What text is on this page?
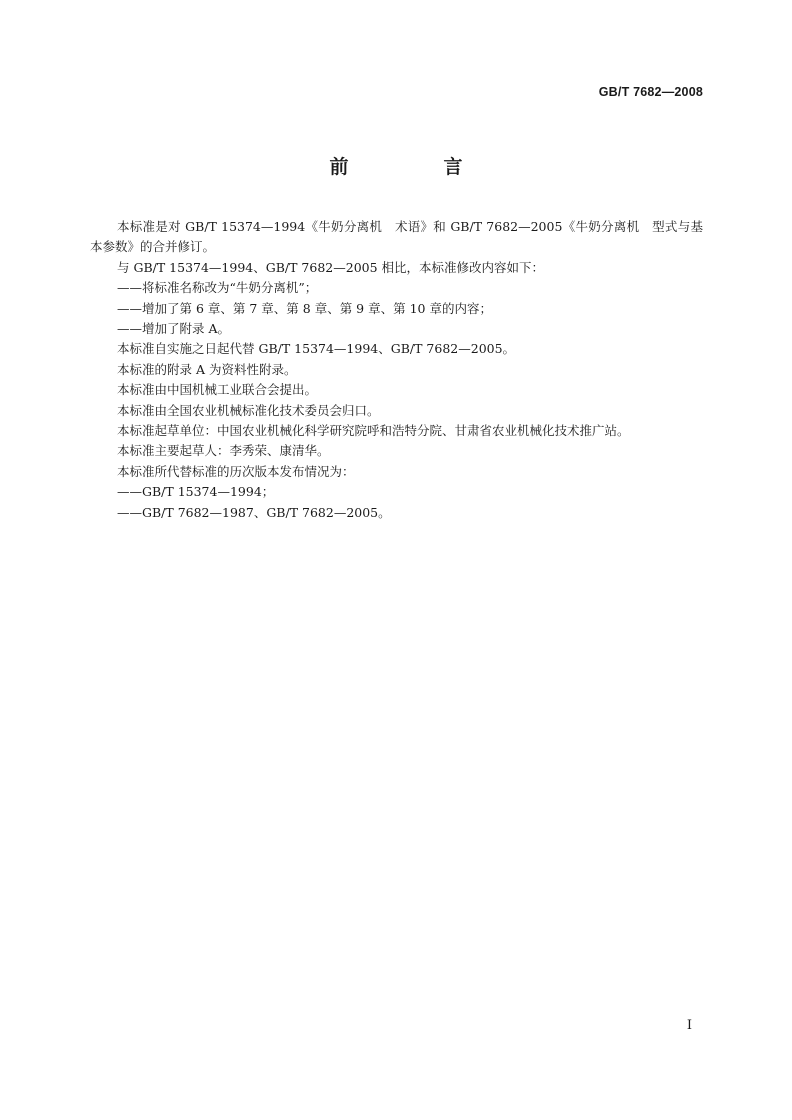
GB/T 7682—2008
前　言

本标准是对 GB/T 15374—1994《牛奶分离机　术语》和 GB/T 7682—2005《牛奶分离机　型式与基本参数》的合并修订。

与 GB/T 15374—1994、GB/T 7682—2005 相比，本标准修改内容如下：

——将标准名称改为“牛奶分离机”；

——增加了第 6 章、第 7 章、第 8 章、第 9 章、第 10 章的内容；

——增加了附录 A。

本标准自实施之日起代替 GB/T 15374—1994、GB/T 7682—2005。

本标准的附录 A 为资料性附录。

本标准由中国机械工业联合会提出。

本标准由全国农业机械标准化技术委员会归口。

本标准起草单位：中国农业机械化科学研究院呼和浩特分院、甘肃省农业机械化技术推广站。

本标准主要起草人：李秀荣、康清华。

本标准所代替标准的历次版本发布情况为：

——GB/T 15374—1994；

——GB/T 7682—1987、GB/T 7682—2005。

I
